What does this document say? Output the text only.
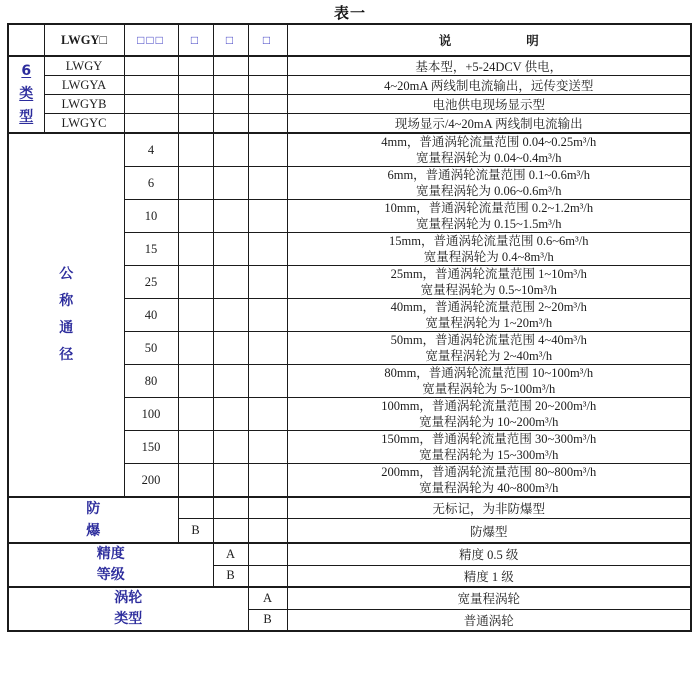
表一
	LWGY□	□□□	□	□	□	说　　　　　　明

6类型	LWGY					基本型，+5-24DCV 供电，
	LWGYA					4~20mA 两线制电流输出，远传变送型
	LWGYB					电池供电现场显示型
	LWGYC					现场显示/4~20mA 两线制电流输出

公称通径		4				4mm，普通涡轮流量范围 0.04~0.25m³/h
宽量程涡轮为 0.04~0.4m³/h

		6				6mm，普通涡轮流量范围 0.1~0.6m³/h
宽量程涡轮为 0.06~0.6m³/h

		10				10mm，普通涡轮流量范围 0.2~1.2m³/h
宽量程涡轮为 0.15~1.5m³/h

		15				15mm，普通涡轮流量范围 0.6~6m³/h
宽量程涡轮为 0.4~8m³/h

		25				25mm，普通涡轮流量范围 1~10m³/h
宽量程涡轮为 0.5~10m³/h

		40				40mm，普通涡轮流量范围 2~20m³/h
宽量程涡轮为 1~20m³/h

		50				50mm，普通涡轮流量范围 4~40m³/h
宽量程涡轮为 2~40m³/h

		80				80mm，普通涡轮流量范围 10~100m³/h
宽量程涡轮为 5~100m³/h

		100				100mm，普通涡轮流量范围 20~200m³/h
宽量程涡轮为 10~200m³/h

		150				150mm，普通涡轮流量范围 30~300m³/h
宽量程涡轮为 15~300m³/h

		200				200mm，普通涡轮流量范围 80~800m³/h
宽量程涡轮为 40~800m³/h

防爆						无标记，为非防爆型
			B			防爆型

精度等级				A		精度 0.5 级
				B		精度 1 级

涡轮类型					A	宽量程涡轮
					B	普通涡轮
